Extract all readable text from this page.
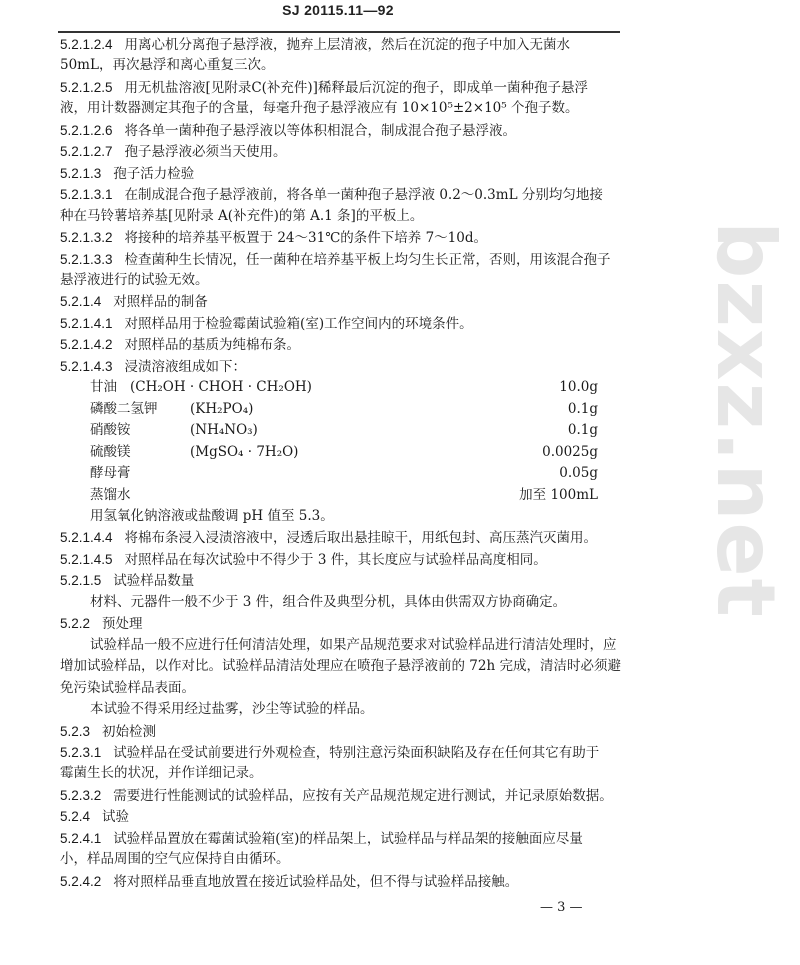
SJ 20115.11—92
bzxz.net
5.2.1.2.4 用离心机分离孢子悬浮液，抛弃上层清液，然后在沉淀的孢子中加入无菌水
50mL，再次悬浮和离心重复三次。
5.2.1.2.5 用无机盐溶液[见附录C(补充件)]稀释最后沉淀的孢子，即成单一菌种孢子悬浮
液，用计数器测定其孢子的含量，每毫升孢子悬浮液应有 10×10⁵±2×10⁵ 个孢子数。
5.2.1.2.6 将各单一菌种孢子悬浮液以等体积相混合，制成混合孢子悬浮液。
5.2.1.2.7 孢子悬浮液必须当天使用。
5.2.1.3 孢子活力检验
5.2.1.3.1 在制成混合孢子悬浮液前，将各单一菌种孢子悬浮液 0.2～0.3mL 分别均匀地接
种在马铃薯培养基[见附录 A(补充件)的第 A.1 条]的平板上。
5.2.1.3.2 将接种的培养基平板置于 24～31℃的条件下培养 7～10d。
5.2.1.3.3 检查菌种生长情况，任一菌种在培养基平板上均匀生长正常，否则，用该混合孢子
悬浮液进行的试验无效。
5.2.1.4 对照样品的制备
5.2.1.4.1 对照样品用于检验霉菌试验箱(室)工作空间内的环境条件。
5.2.1.4.2 对照样品的基质为纯棉布条。
5.2.1.4.3 浸渍溶液组成如下：
甘油 (CH₂OH · CHOH · CH₂OH)	10.0g
磷酸二氢钾 (KH₂PO₄)	0.1g
硝酸铵	(NH₄NO₃)	0.1g
硫酸镁	(MgSO₄ · 7H₂O)	0.0025g
酵母膏	0.05g
蒸馏水	加至 100mL
用氢氧化钠溶液或盐酸调 pH 值至 5.3。
5.2.1.4.4 将棉布条浸入浸渍溶液中，浸透后取出悬挂晾干，用纸包封、高压蒸汽灭菌用。
5.2.1.4.5 对照样品在每次试验中不得少于 3 件，其长度应与试验样品高度相同。
5.2.1.5 试验样品数量
材料、元器件一般不少于 3 件，组合件及典型分机，具体由供需双方协商确定。
5.2.2 预处理
试验样品一般不应进行任何清洁处理，如果产品规范要求对试验样品进行清洁处理时，应
增加试验样品，以作对比。试验样品清洁处理应在喷孢子悬浮液前的 72h 完成，清洁时必须避
免污染试验样品表面。
本试验不得采用经过盐雾，沙尘等试验的样品。
5.2.3 初始检测
5.2.3.1 试验样品在受试前要进行外观检查，特别注意污染面积缺陷及存在任何其它有助于
霉菌生长的状况，并作详细记录。
5.2.3.2 需要进行性能测试的试验样品，应按有关产品规范规定进行测试，并记录原始数据。
5.2.4 试验
5.2.4.1 试验样品置放在霉菌试验箱(室)的样品架上，试验样品与样品架的接触面应尽量
小，样品周围的空气应保持自由循环。
5.2.4.2 将对照样品垂直地放置在接近试验样品处，但不得与试验样品接触。
— 3 —
